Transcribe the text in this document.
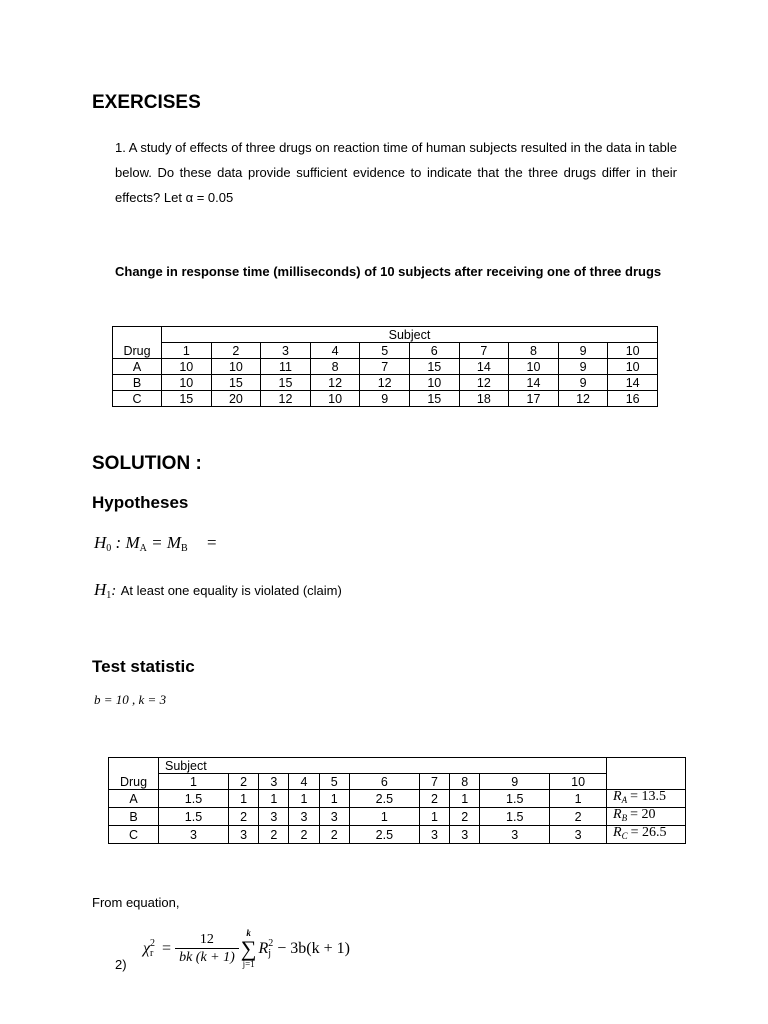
EXERCISES
1. A study of effects of three drugs on reaction time of human subjects resulted in the data in table below. Do these data provide sufficient evidence to indicate that the three drugs differ in their effects? Let α = 0.05
Change in response time (milliseconds) of 10 subjects after receiving one of three drugs
Drug	Subject									
	1	2	3	4	5	6	7	8	9	10
A	10	10	11	8	7	15	14	10	9	10
B	10	15	15	12	12	10	12	14	9	14
C	15	20	12	10	9	15	18	17	12	16
SOLUTION :
Hypotheses
$H_0$ : $M_A = M_B$ =
$H_1$: At least one equality is violated (claim)
Test statistic
b = 10 , k = 3
Drug	Subject										
	1	2	3	4	5	6	7	8	9	10	
A	1.5	1	1	1	1	2.5	2	1	1.5	1	$R_A = 13.5$
B	1.5	2	3	3	3	1	1	2	1.5	2	$R_B = 20$
C	3	3	2	2	2	2.5	3	3	3	3	$R_C = 26.5$
From equation,
2)
χ 2
$r = \frac{12}{bk (k + 1)}$ k
∑
j=1
R 2
j − 3b(k + 1)
